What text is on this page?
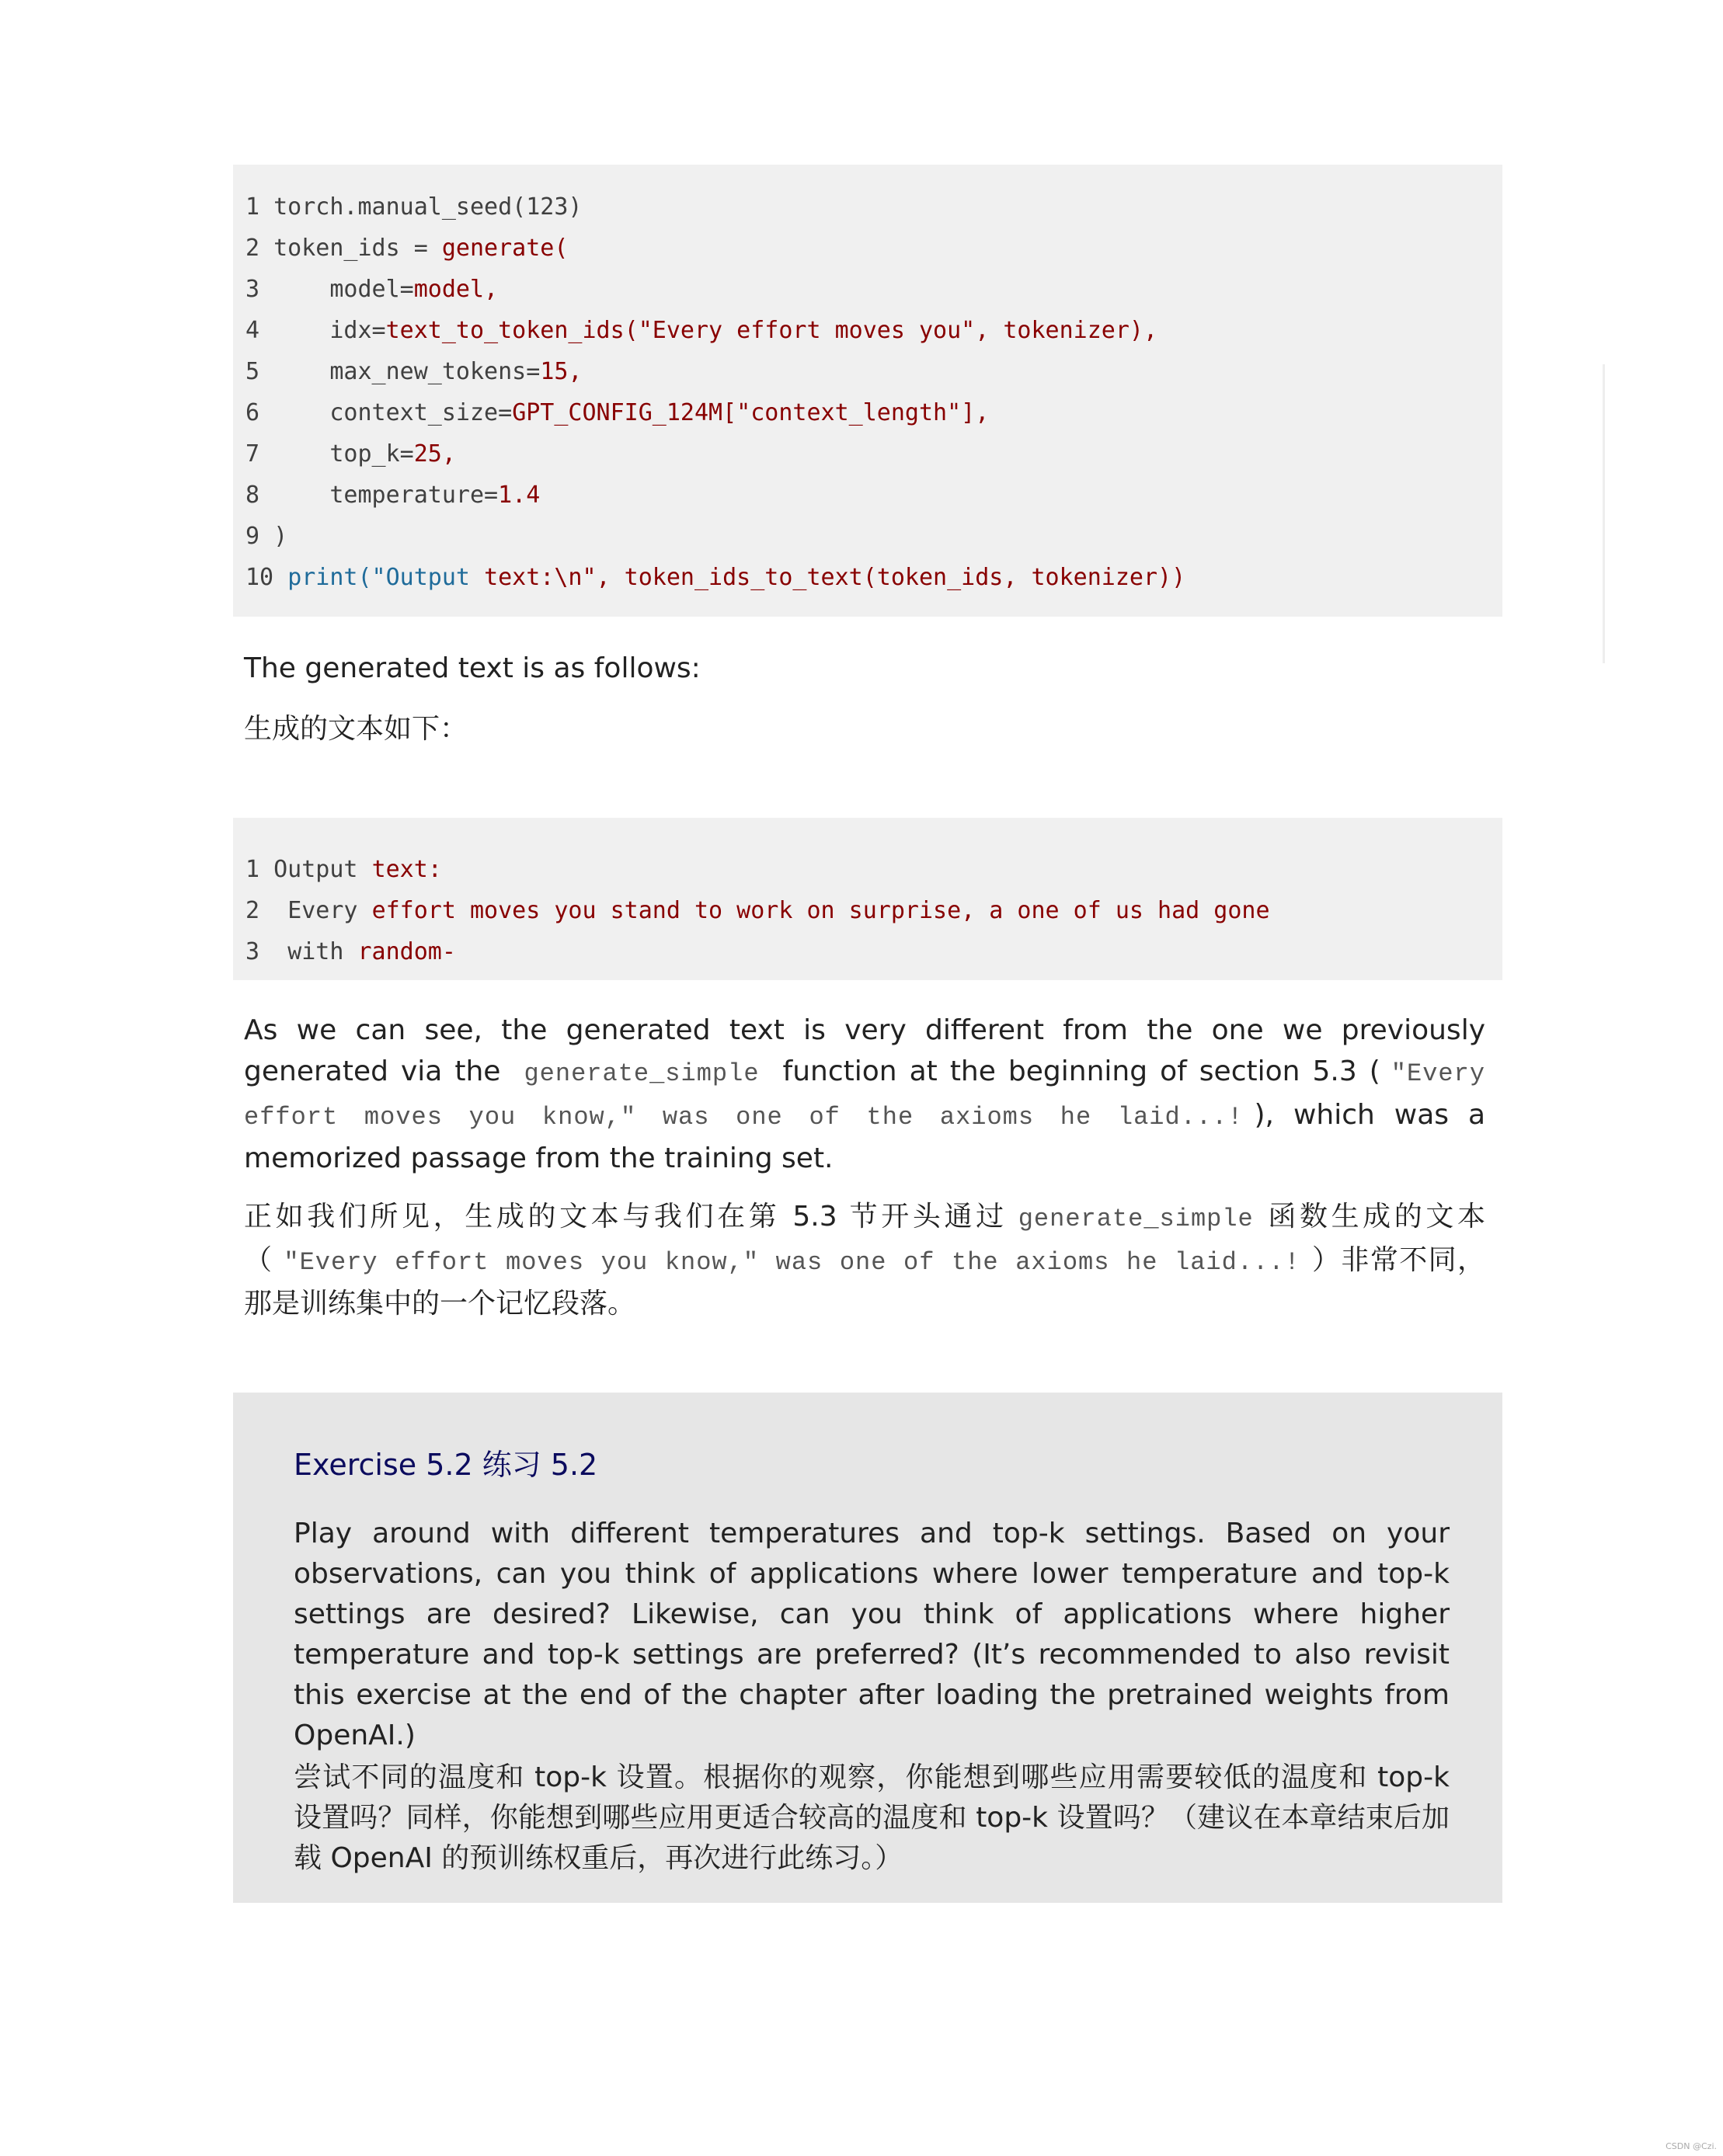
1 torch.manual_seed(123)
2 token_ids = generate(
3	model=model,
4	idx=text_to_token_ids("Every effort moves you", tokenizer),
5	max_new_tokens=15,
6	context_size=GPT_CONFIG_124M["context_length"],
7	top_k=25,
8	temperature=1.4
9 )
10 print("Output text:\n", token_ids_to_text(token_ids, tokenizer))
The generated text is as follows:
生成的文本如下：
1 Output text:
2 Every effort moves you stand to work on surprise, a one of us had gone
3 with random-
As we can see, the generated text is very different from the one we previously generated via the generate_simple function at the beginning of section 5.3 ( "Every effort moves you know," was one of the axioms he laid...! ), which was a memorized passage from the training set.
正如我们所见，生成的文本与我们在第 5.3 节开头通过 generate_simple 函数生成的文本（ "Every effort moves you know," was one of the axioms he laid...! ）非常不同，那是训练集中的一个记忆段落。
Exercise 5.2 练习 5.2
Play around with different temperatures and top-k settings. Based on your observations, can you think of applications where lower temperature and top-k settings are desired? Likewise, can you think of applications where higher temperature and top-k settings are preferred? (It’s recommended to also revisit this exercise at the end of the chapter after loading the pretrained weights from OpenAI.)
尝试不同的温度和 top-k 设置。根据你的观察，你能想到哪些应用需要较低的温度和 top-k 设置吗？同样，你能想到哪些应用更适合较高的温度和 top-k 设置吗？（建议在本章结束后加载 OpenAI 的预训练权重后，再次进行此练习。）
CSDN @Czi.
